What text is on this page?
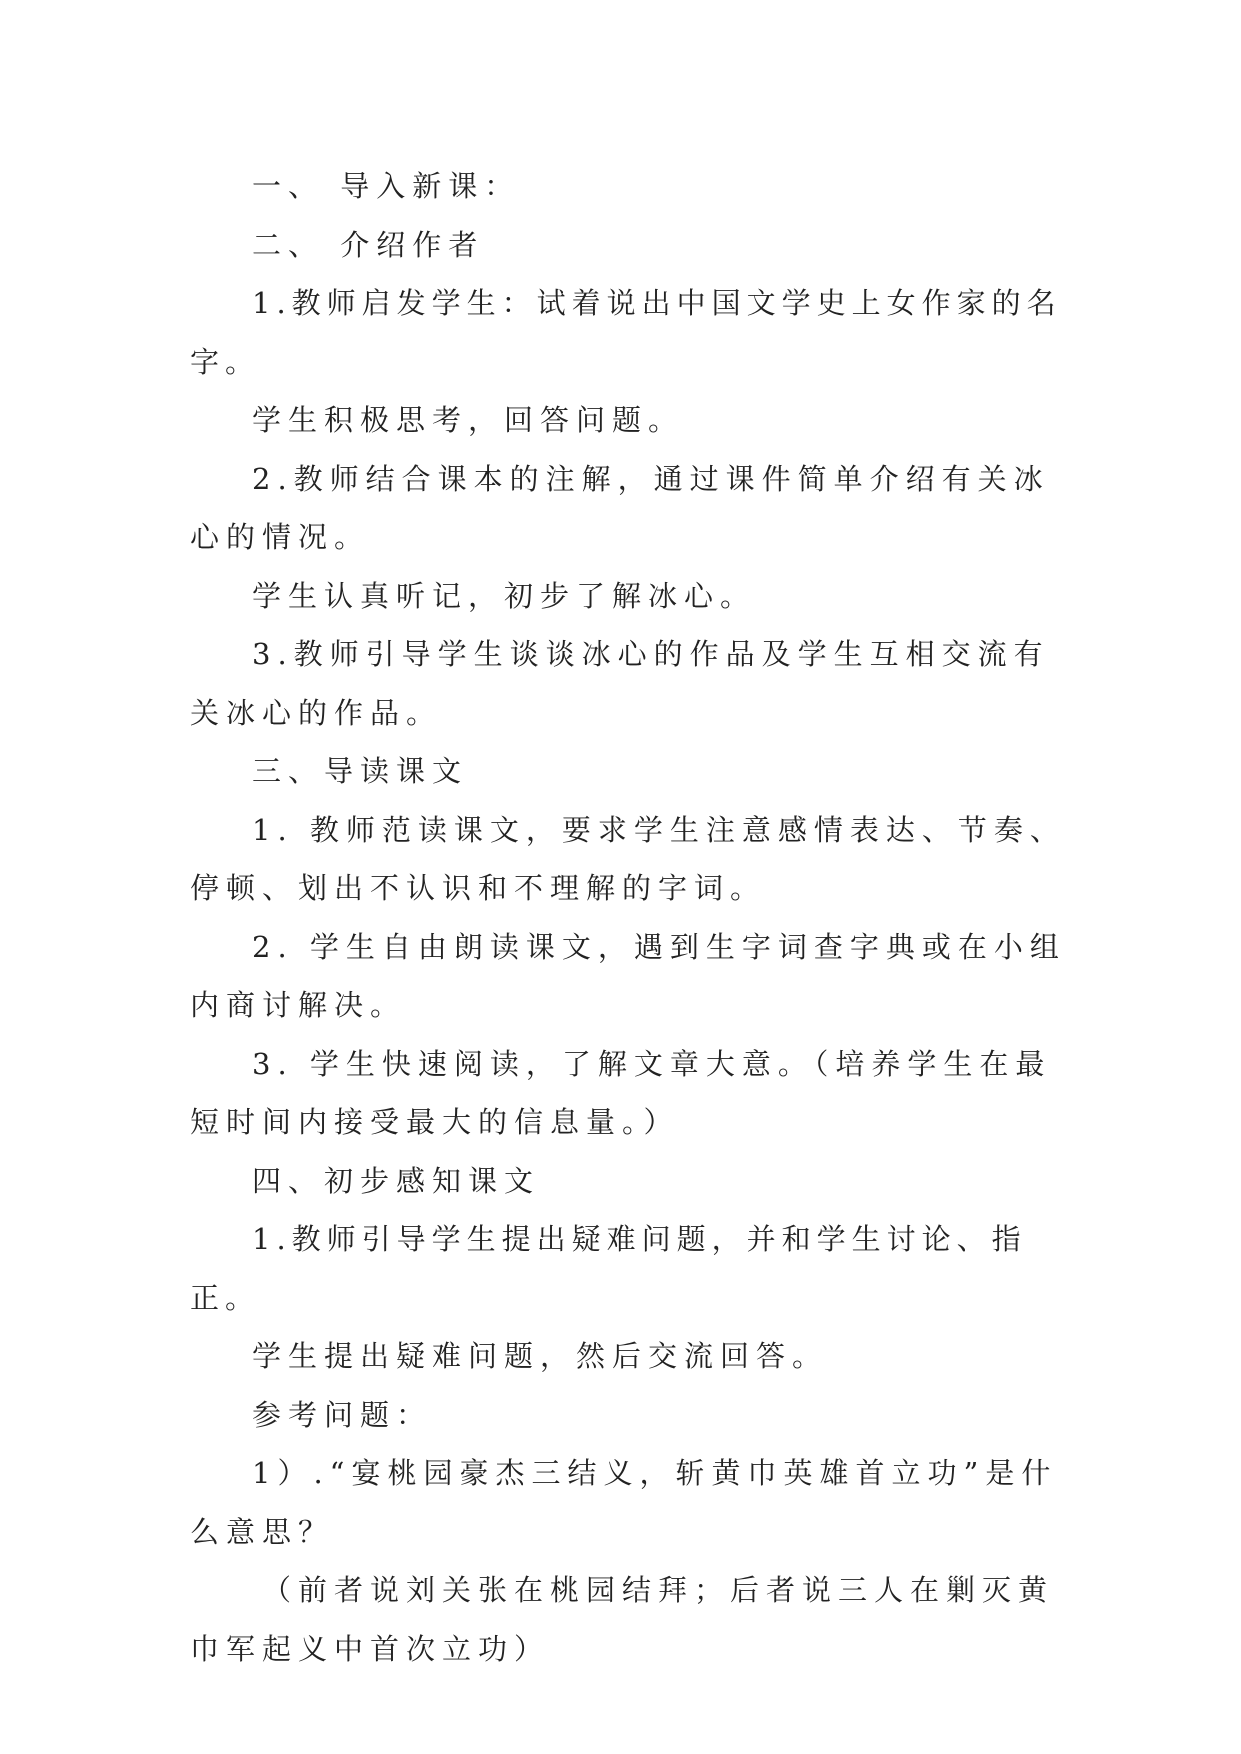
一、 导入新课：

二、 介绍作者

1.教师启发学生：试着说出中国文学史上女作家的名字。

学生积极思考，回答问题。

2.教师结合课本的注解，通过课件简单介绍有关冰心的情况。

学生认真听记，初步了解冰心。

3.教师引导学生谈谈冰心的作品及学生互相交流有关冰心的作品。

三、导读课文

1. 教师范读课文，要求学生注意感情表达、节奏、停顿、划出不认识和不理解的字词。

2. 学生自由朗读课文，遇到生字词查字典或在小组内商讨解决。

3. 学生快速阅读，了解文章大意。（培养学生在最短时间内接受最大的信息量。）

四、初步感知课文

1.教师引导学生提出疑难问题，并和学生讨论、指正。

学生提出疑难问题，然后交流回答。

参考问题：

1）.“宴桃园豪杰三结义，斩黄巾英雄首立功”是什么意思？

（前者说刘关张在桃园结拜；后者说三人在剿灭黄巾军起义中首次立功）
